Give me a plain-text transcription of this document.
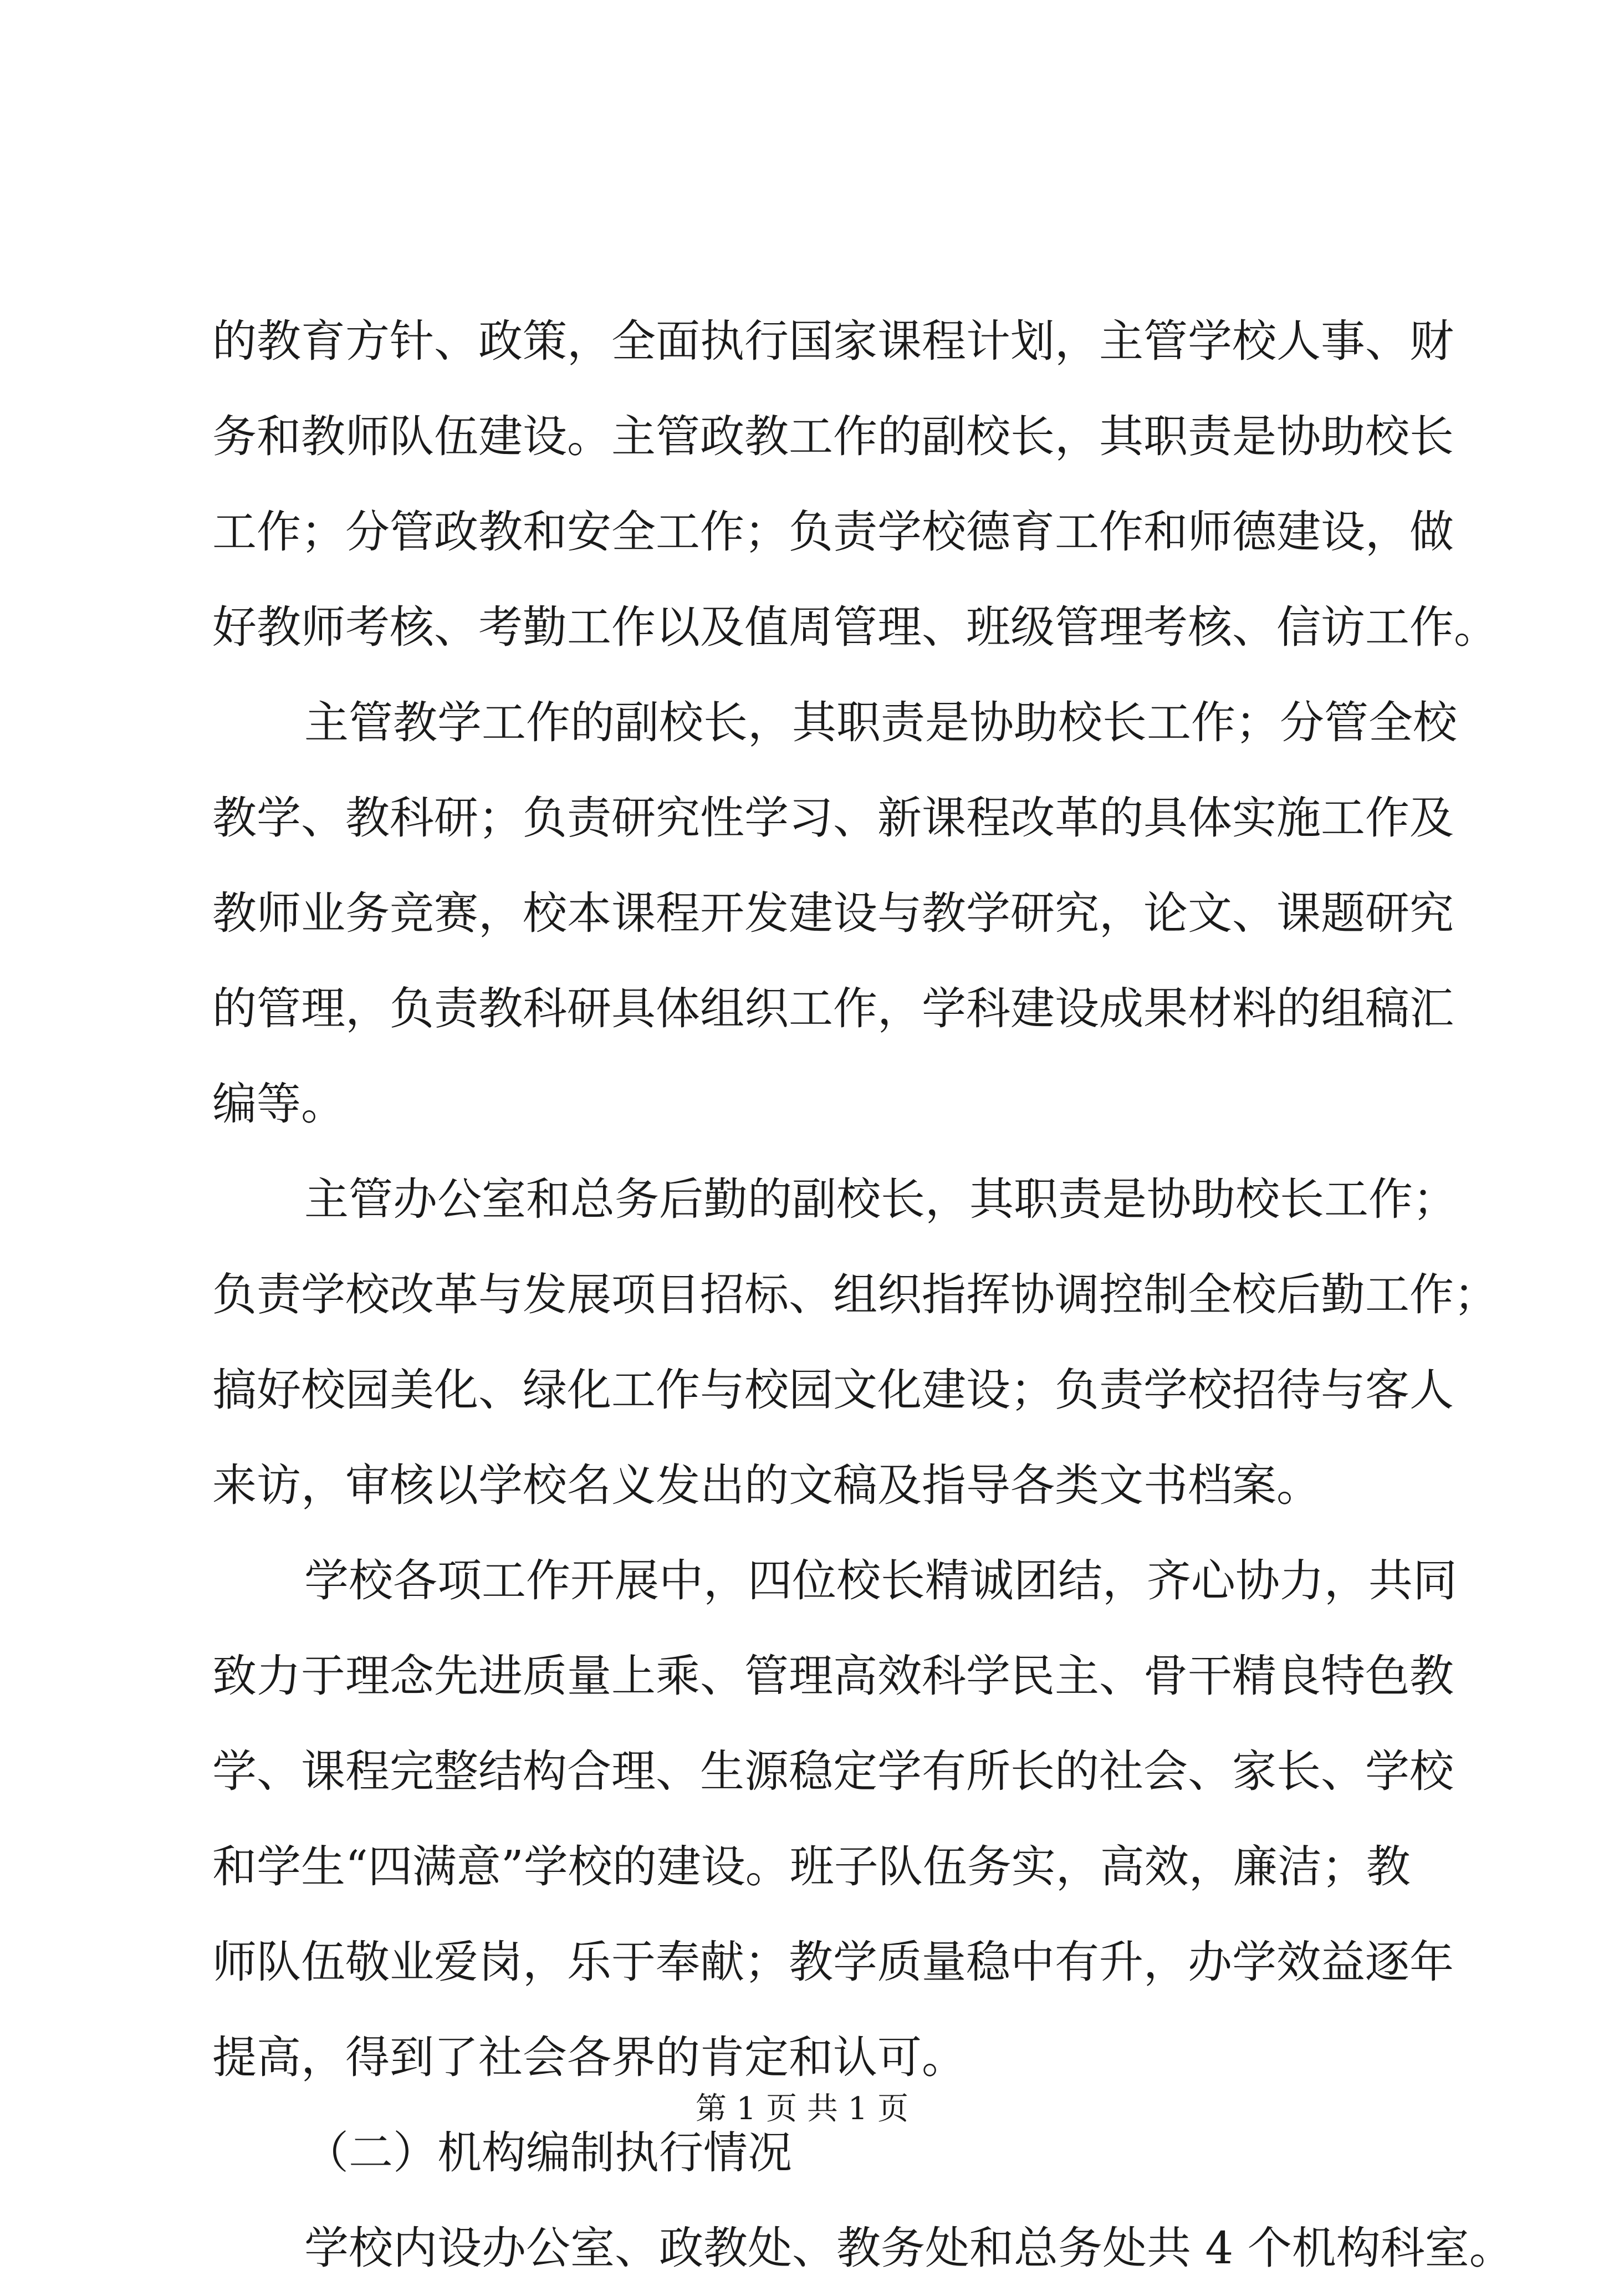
的教育方针、政策，全面执行国家课程计划，主管学校人事、财
务和教师队伍建设。主管政教工作的副校长，其职责是协助校长
工作；分管政教和安全工作；负责学校德育工作和师德建设，做
好教师考核、考勤工作以及值周管理、班级管理考核、信访工作。
主管教学工作的副校长，其职责是协助校长工作；分管全校
教学、教科研；负责研究性学习、新课程改革的具体实施工作及
教师业务竞赛，校本课程开发建设与教学研究，论文、课题研究
的管理，负责教科研具体组织工作，学科建设成果材料的组稿汇
编等。
主管办公室和总务后勤的副校长，其职责是协助校长工作；
负责学校改革与发展项目招标、组织指挥协调控制全校后勤工作；
搞好校园美化、绿化工作与校园文化建设；负责学校招待与客人
来访，审核以学校名义发出的文稿及指导各类文书档案。
学校各项工作开展中，四位校长精诚团结，齐心协力，共同
致力于理念先进质量上乘、管理高效科学民主、骨干精良特色教
学、课程完整结构合理、生源稳定学有所长的社会、家长、学校
和学生“四满意”学校的建设。班子队伍务实，高效，廉洁；教
师队伍敬业爱岗，乐于奉献；教学质量稳中有升，办学效益逐年
提高，得到了社会各界的肯定和认可。
（二）机构编制执行情况
学校内设办公室、政教处、教务处和总务处共 4 个机构科室。
第 1 页 共 1 页
